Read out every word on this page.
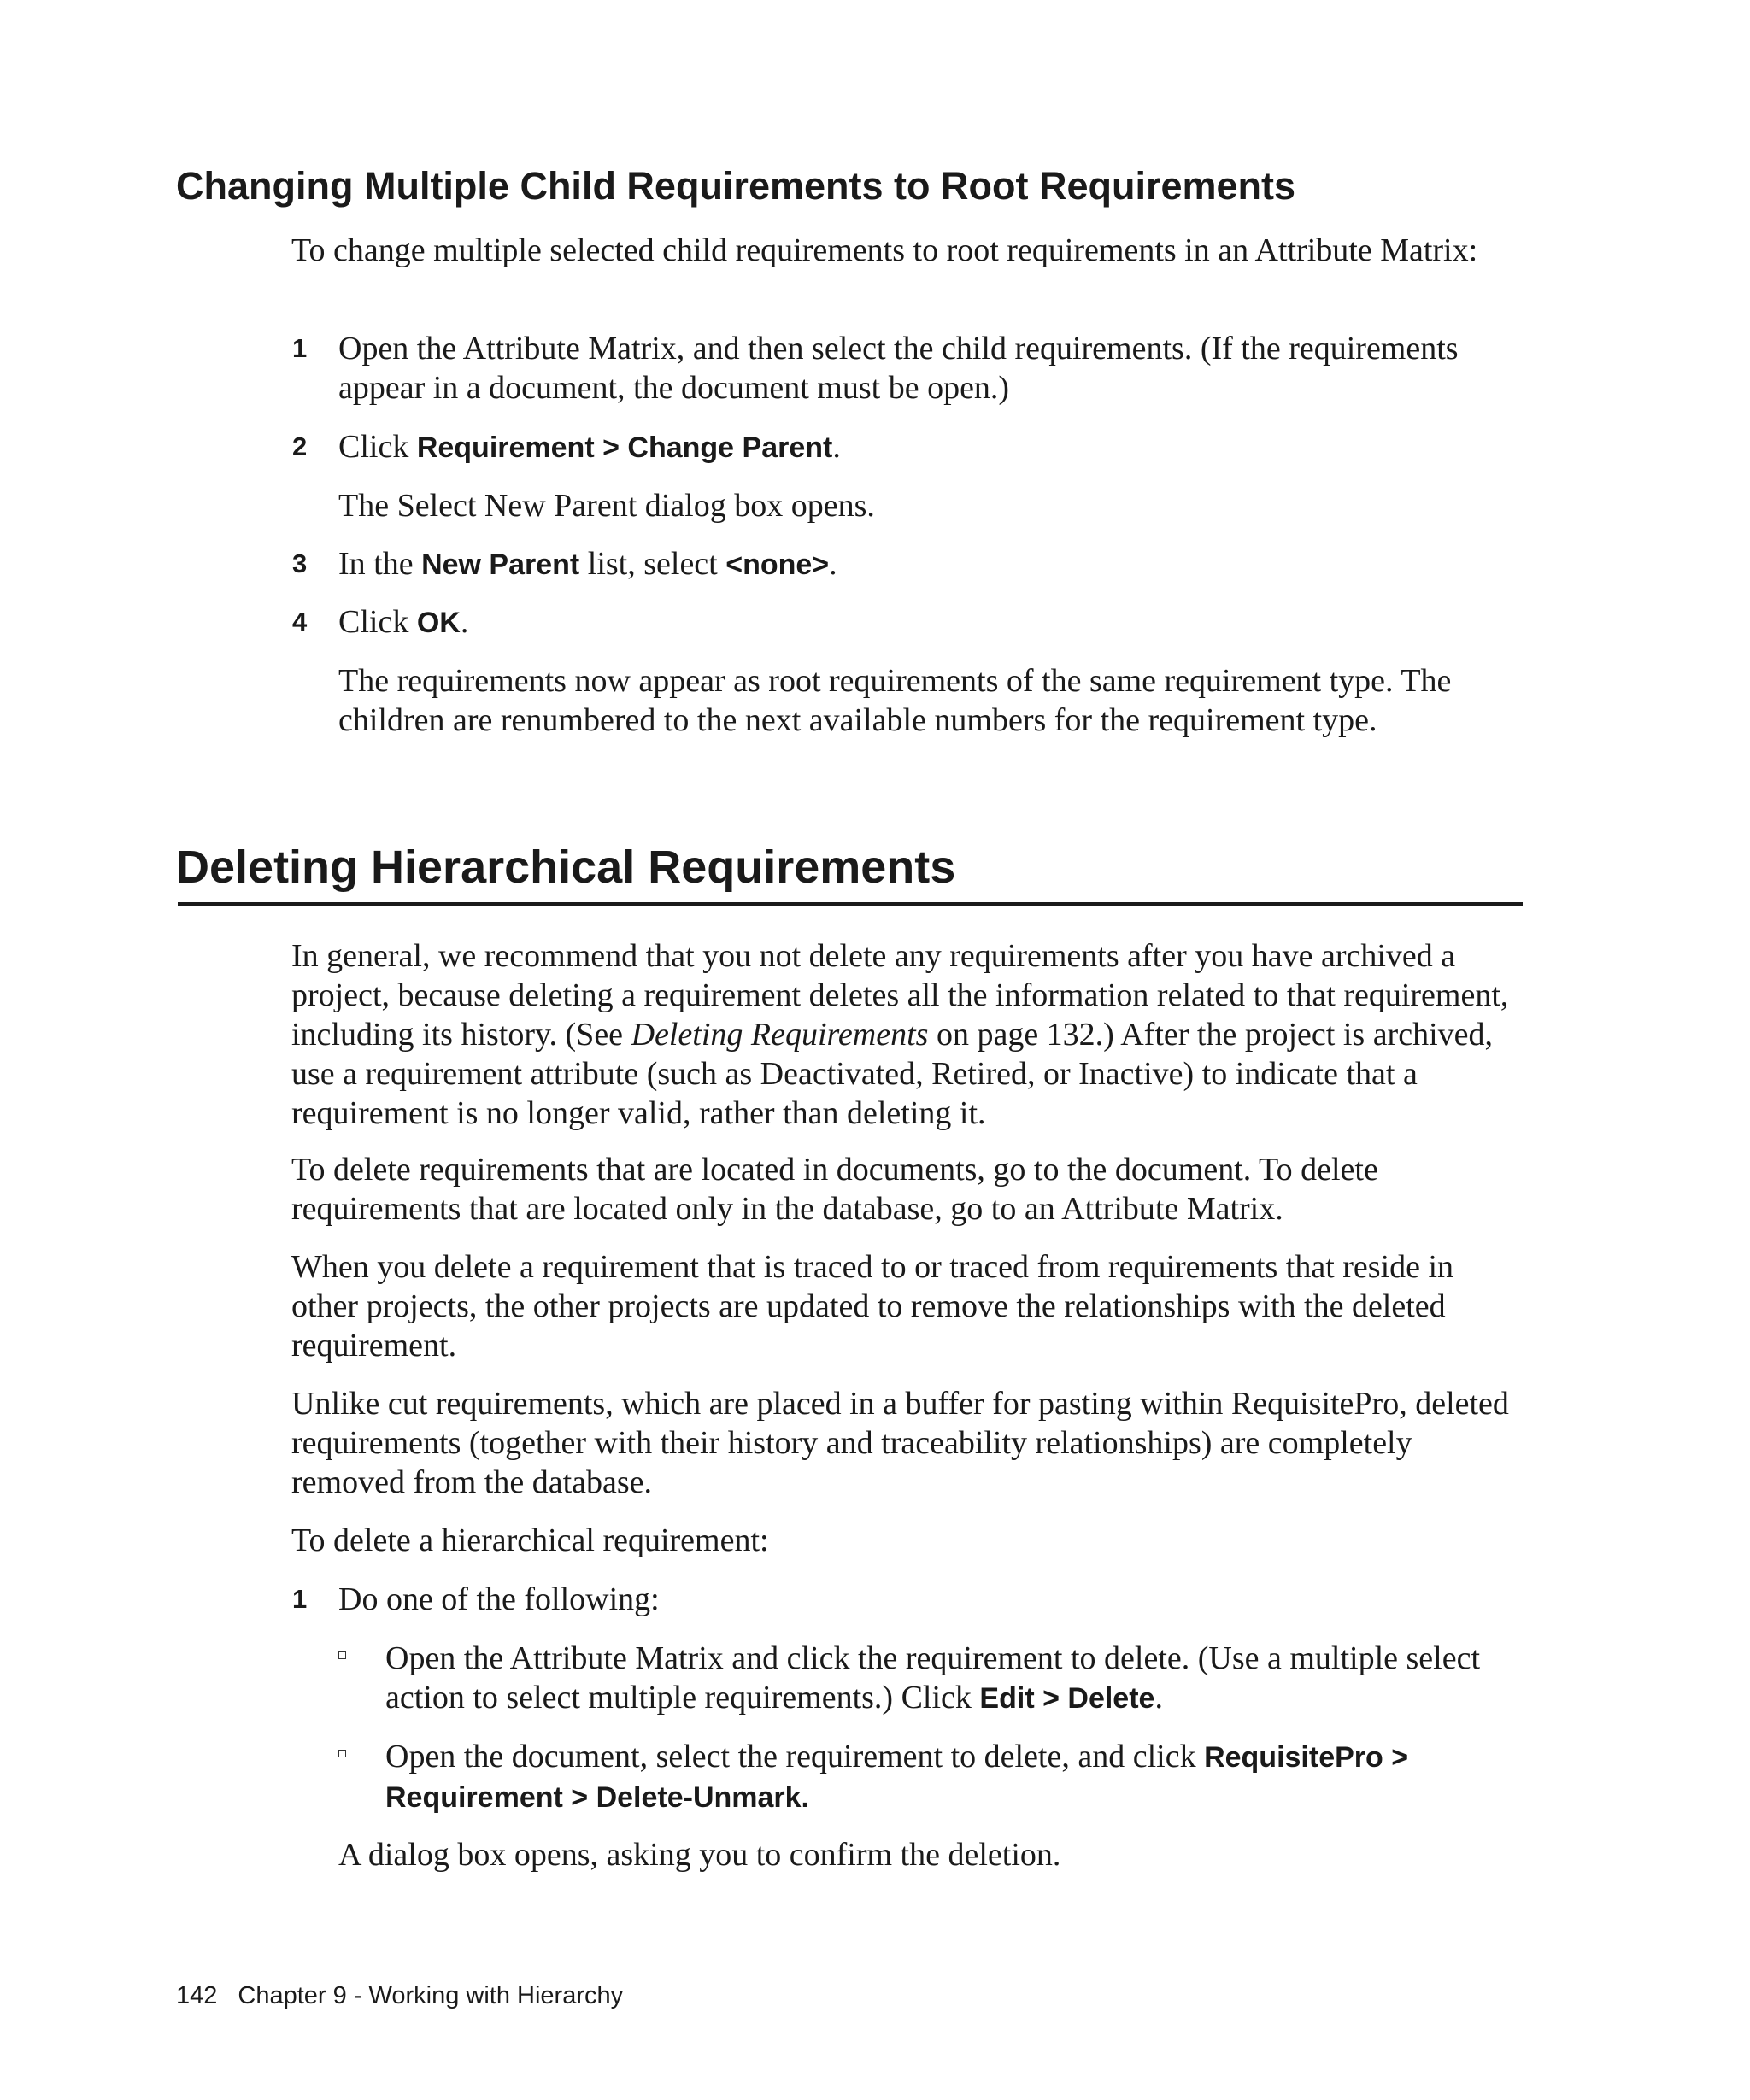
Changing Multiple Child Requirements to Root Requirements

To change multiple selected child requirements to root requirements in an Attribute Matrix:

1 Open the Attribute Matrix, and then select the child requirements. (If the requirements appear in a document, the document must be open.)

2 Click Requirement > Change Parent.

The Select New Parent dialog box opens.

3 In the New Parent list, select <none>.

4 Click OK.

The requirements now appear as root requirements of the same requirement type. The children are renumbered to the next available numbers for the requirement type.

Deleting Hierarchical Requirements

In general, we recommend that you not delete any requirements after you have archived a project, because deleting a requirement deletes all the information related to that requirement, including its history. (See Deleting Requirements on page 132.) After the project is archived, use a requirement attribute (such as Deactivated, Retired, or Inactive) to indicate that a requirement is no longer valid, rather than deleting it.

To delete requirements that are located in documents, go to the document. To delete requirements that are located only in the database, go to an Attribute Matrix.

When you delete a requirement that is traced to or traced from requirements that reside in other projects, the other projects are updated to remove the relationships with the deleted requirement.

Unlike cut requirements, which are placed in a buffer for pasting within RequisitePro, deleted requirements (together with their history and traceability relationships) are completely removed from the database.

To delete a hierarchical requirement:

1 Do one of the following:

Open the Attribute Matrix and click the requirement to delete. (Use a multiple select action to select multiple requirements.) Click Edit > Delete.

Open the document, select the requirement to delete, and click RequisitePro > Requirement > Delete-Unmark.

A dialog box opens, asking you to confirm the deletion.

142 Chapter 9 - Working with Hierarchy
